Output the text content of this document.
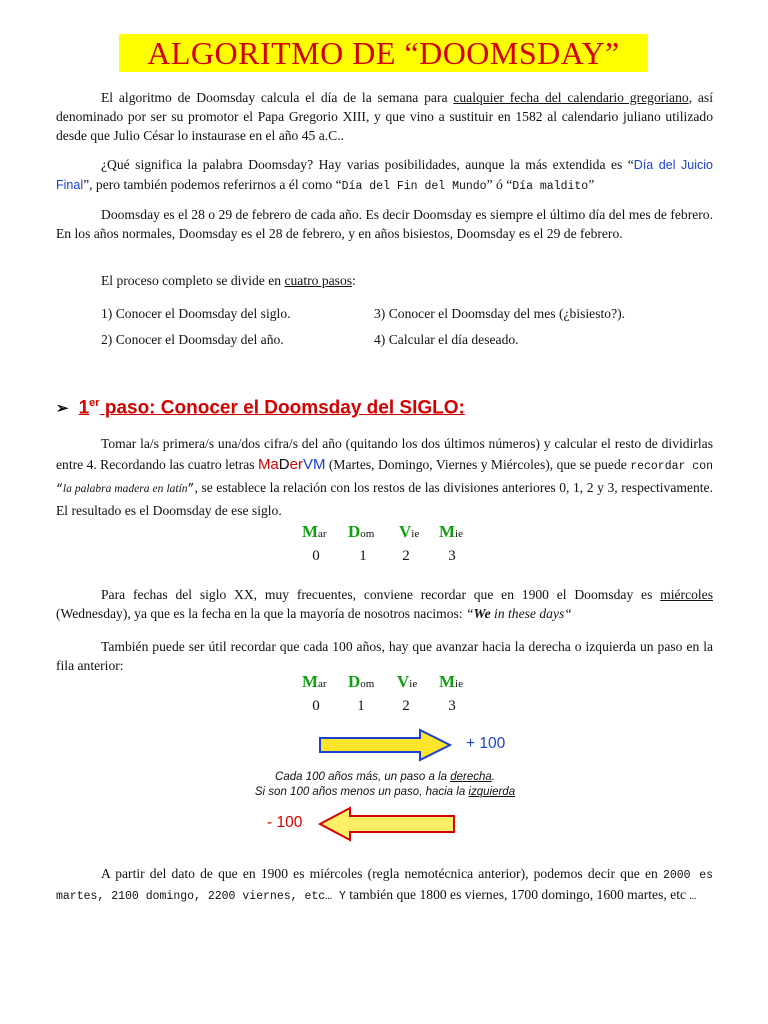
ALGORITMO DE “DOOMSDAY”

El algoritmo de Doomsday calcula el día de la semana para cualquier fecha del calendario gregoriano, así denominado por ser su promotor el Papa Gregorio XIII, y que vino a sustituir en 1582 al calendario juliano utilizado desde que Julio César lo instaurase en el año 45 a.C..

¿Qué significa la palabra Doomsday? Hay varias posibilidades, aunque la más extendida es “Día del Juicio Final”, pero también podemos referirnos a él como “Día del Fin del Mundo” ó “Día maldito”

Doomsday es el 28 o 29 de febrero de cada año. Es decir Doomsday es siempre el último día del mes de febrero. En los años normales, Doomsday es el 28 de febrero, y en años bisiestos, Doomsday es el 29 de febrero.

El proceso completo se divide en cuatro pasos:

1) Conocer el Doomsday del siglo.
2) Conocer el Doomsday del año.
3) Conocer el Doomsday del mes (¿bisiesto?).
4) Calcular el día deseado.
➢ 1er paso: Conocer el Doomsday del SIGLO:

Tomar la/s primera/s una/dos cifra/s del año (quitando los dos últimos números) y calcular el resto de dividirlas entre 4. Recordando las cuatro letras MaDerVM (Martes, Domingo, Viernes y Miércoles), que se puede recordar con “la palabra madera en latín”, se establece la relación con los restos de las divisiones anteriores 0, 1, 2 y 3, respectivamente. El resultado es el Doomsday de ese siglo.

Mar	Dom	Vie	Mie
0	1	2	3

Para fechas del siglo XX, muy frecuentes, conviene recordar que en 1900 el Doomsday es miércoles (Wednesday), ya que es la fecha en la que la mayoría de nosotros nacimos: “We in these days“

También puede ser útil recordar que cada 100 años, hay que avanzar hacia la derecha o izquierda un paso en la fila anterior:

Mar	Dom	Vie	Mie
0	1	2	3
+ 100
Cada 100 años más, un paso a la derecha.
Si son 100 años menos un paso, hacia la izquierda
- 100

A partir del dato de que en 1900 es miércoles (regla nemotécnica anterior), podemos decir que en 2000 es martes, 2100 domingo, 2200 viernes, etc… Y también que 1800 es viernes, 1700 domingo, 1600 martes, etc …
